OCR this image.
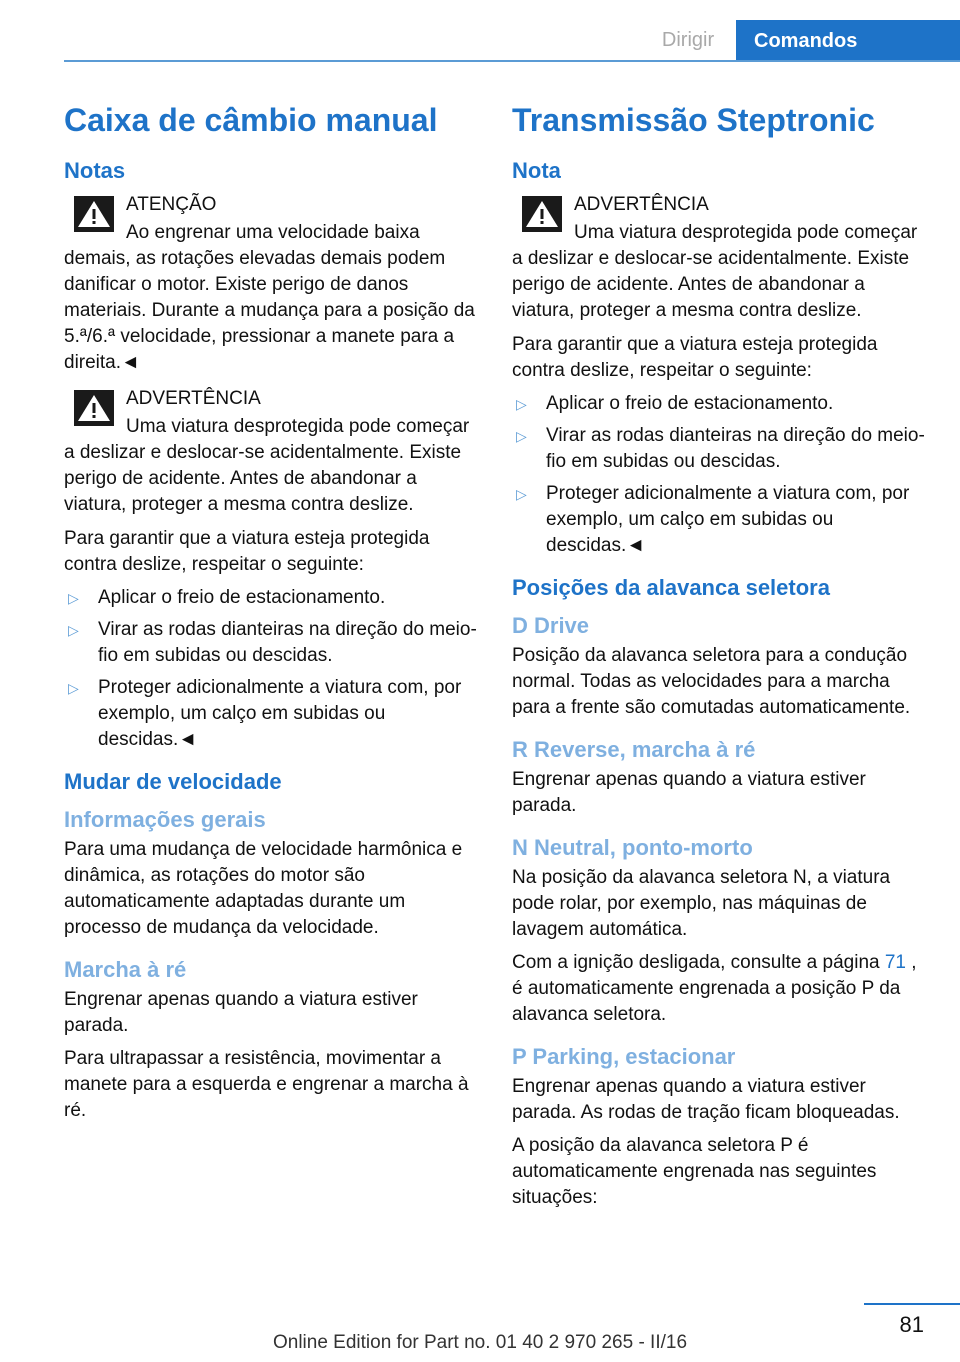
Dirigir	Comandos
Caixa de câmbio manual
Notas

ATENÇÃO

Ao engrenar uma velocidade baixa demais, as rotações elevadas demais podem danificar o motor. Existe perigo de danos materiais. Durante a mudança para a posição da 5.ª/6.ª velocidade, pressionar a manete para a direita.◄

ADVERTÊNCIA

Uma viatura desprotegida pode começar a deslizar e deslocar-se acidentalmente. Existe perigo de acidente. Antes de abandonar a viatura, proteger a mesma contra deslize.

Para garantir que a viatura esteja protegida contra deslize, respeitar o seguinte:

▷ Aplicar o freio de estacionamento.
▷ Virar as rodas dianteiras na direção do meio-fio em subidas ou descidas.
▷ Proteger adicionalmente a viatura com, por exemplo, um calço em subidas ou descidas.◄
Mudar de velocidade
Informações gerais

Para uma mudança de velocidade harmônica e dinâmica, as rotações do motor são automaticamente adaptadas durante um processo de mudança da velocidade.

Marcha à ré

Engrenar apenas quando a viatura estiver parada.

Para ultrapassar a resistência, movimentar a manete para a esquerda e engrenar a marcha à ré.

Transmissão Steptronic
Nota

ADVERTÊNCIA

Uma viatura desprotegida pode começar a deslizar e deslocar-se acidentalmente. Existe perigo de acidente. Antes de abandonar a viatura, proteger a mesma contra deslize.

Para garantir que a viatura esteja protegida contra deslize, respeitar o seguinte:

▷ Aplicar o freio de estacionamento.
▷ Virar as rodas dianteiras na direção do meio-fio em subidas ou descidas.
▷ Proteger adicionalmente a viatura com, por exemplo, um calço em subidas ou descidas.◄
Posições da alavanca seletora
D Drive

Posição da alavanca seletora para a condução normal. Todas as velocidades para a marcha para a frente são comutadas automaticamente.

R Reverse, marcha à ré

Engrenar apenas quando a viatura estiver parada.

N Neutral, ponto-morto

Na posição da alavanca seletora N, a viatura pode rolar, por exemplo, nas máquinas de lavagem automática.

Com a ignição desligada, consulte a página 71 , é automaticamente engrenada a posição P da alavanca seletora.

P Parking, estacionar

Engrenar apenas quando a viatura estiver parada. As rodas de tração ficam bloqueadas.

A posição da alavanca seletora P é automaticamente engrenada nas seguintes situações:

81
Online Edition for Part no. 01 40 2 970 265 - II/16
